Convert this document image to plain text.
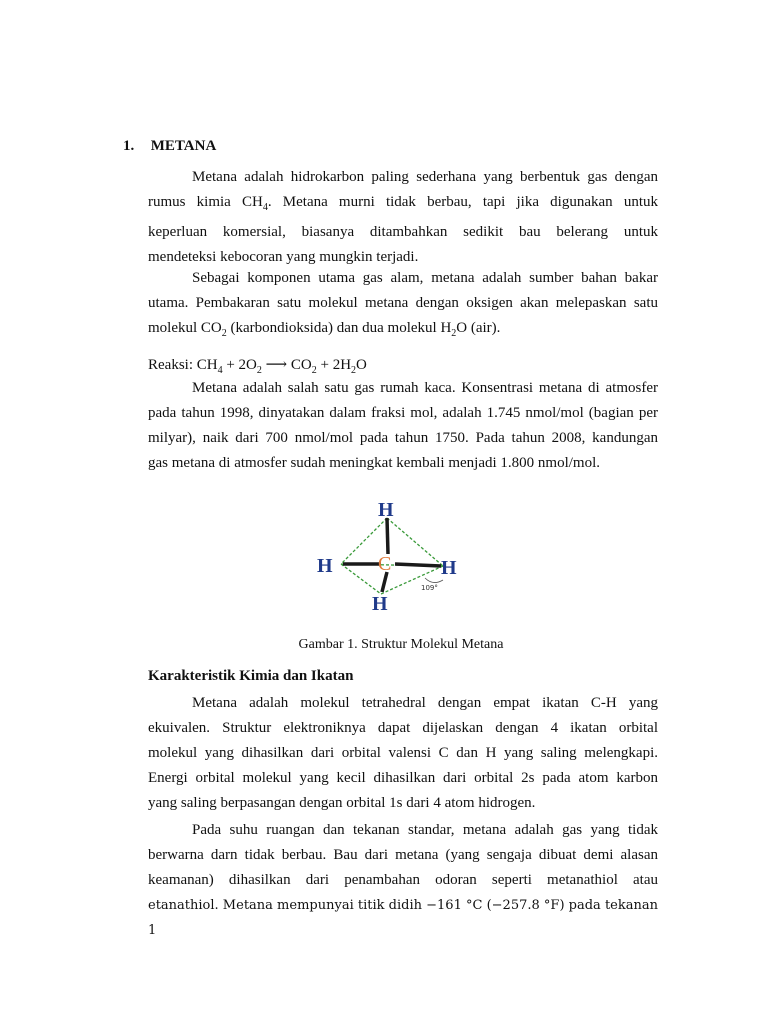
1. METANA
Metana adalah hidrokarbon paling sederhana yang berbentuk gas dengan
rumus kimia $CH_4$. Metana murni tidak berbau, tapi jika digunakan untuk
keperluan komersial, biasanya ditambahkan sedikit bau belerang untuk
mendeteksi kebocoran yang mungkin terjadi.
Sebagai komponen utama gas alam, metana adalah sumber bahan bakar
utama. Pembakaran satu molekul metana dengan oksigen akan melepaskan satu
molekul $CO_2$ (karbondioksida) dan dua molekul $H_2O$ (air).
Reaksi: $CH_4 + 2O_2$ ⟶ $CO_2 + 2H_2O$
Metana adalah salah satu gas rumah kaca. Konsentrasi metana di atmosfer
pada tahun 1998, dinyatakan dalam fraksi mol, adalah 1.745 nmol/mol (bagian per
milyar), naik dari 700 nmol/mol pada tahun 1750. Pada tahun 2008, kandungan
gas metana di atmosfer sudah meningkat kembali menjadi 1.800 nmol/mol.
C
H
H	H
H
109°
Gambar 1. Struktur Molekul Metana
Karakteristik Kimia dan Ikatan
Metana adalah molekul tetrahedral dengan empat ikatan C-H yang
ekuivalen. Struktur elektroniknya dapat dijelaskan dengan 4 ikatan orbital
molekul yang dihasilkan dari orbital valensi C dan H yang saling melengkapi.
Energi orbital molekul yang kecil dihasilkan dari orbital 2s pada atom karbon
yang saling berpasangan dengan orbital 1s dari 4 atom hidrogen.
Pada suhu ruangan dan tekanan standar, metana adalah gas yang tidak
berwarna darn tidak berbau. Bau dari metana (yang sengaja dibuat demi alasan
keamanan) dihasilkan dari penambahan odoran seperti metanathiol atau
etanathiol. Metana mempunyai titik didih −161 °C (−257.8 °F) pada tekanan 1
